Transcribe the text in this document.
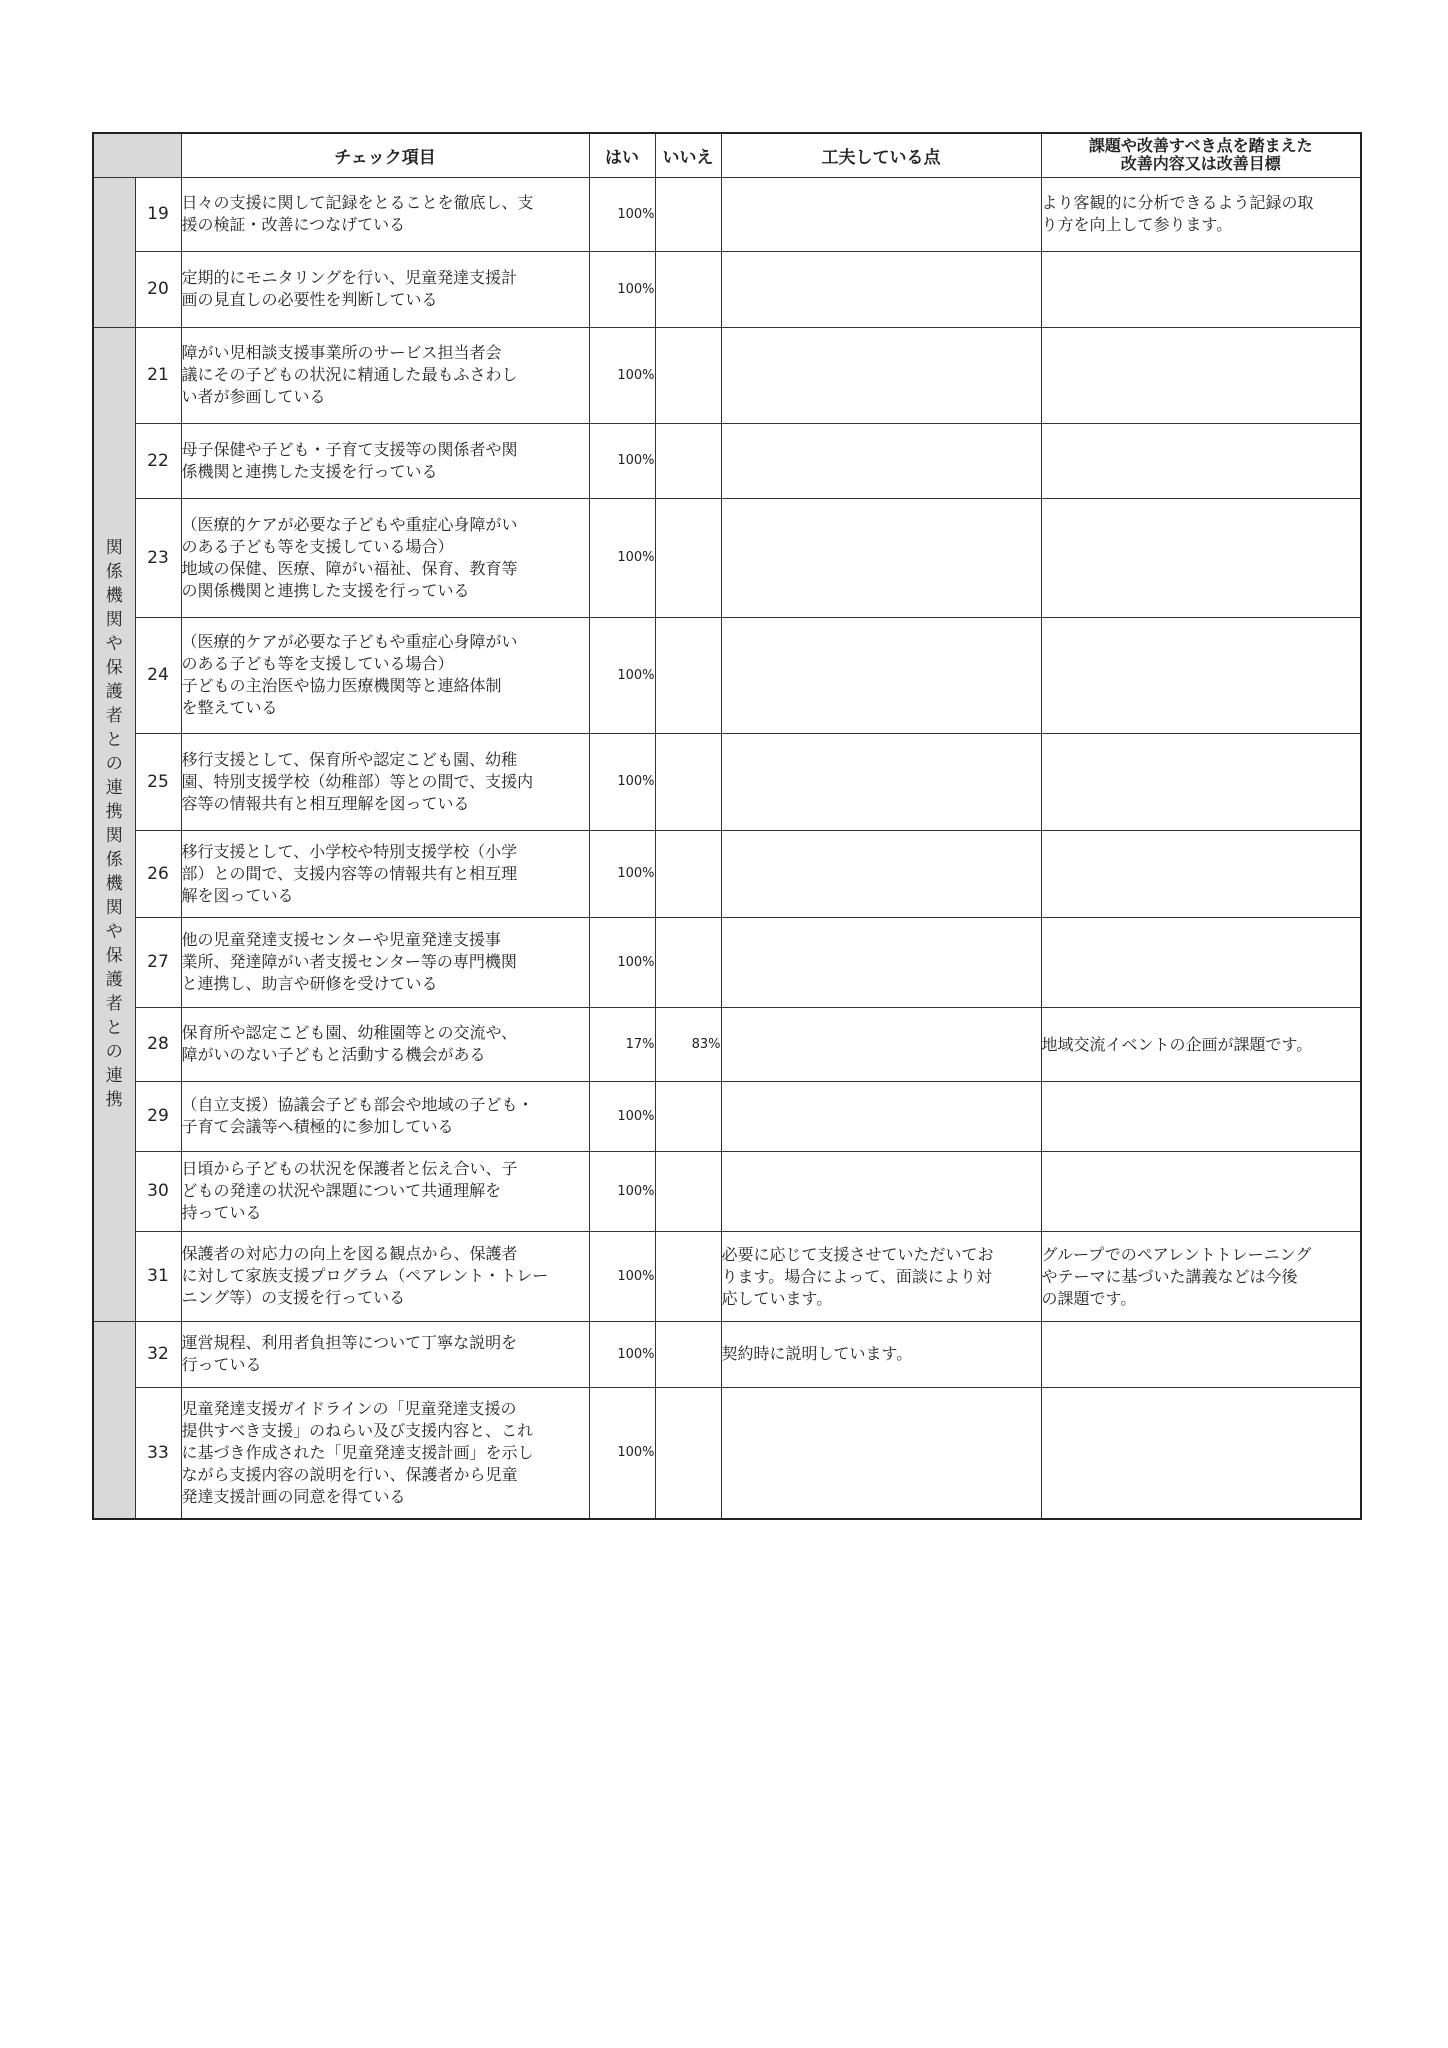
		チェック項目	はい	いいえ	工夫している点	課題や改善すべき点を踏まえた
改善内容又は改善目標
	19	日々の支援に関して記録をとることを徹底し、支
援の検証・改善につなげている	100%			より客観的に分析できるよう記録の取
り方を向上して参ります。
	20	定期的にモニタリングを行い、児童発達支援計
画の見直しの必要性を判断している	100%			

関係機関や保護者との連携関係機関や保護者との連携	21	障がい児相談支援事業所のサービス担当者会
議にその子どもの状況に精通した最もふさわし
い者が参画している	100%			
	22	母子保健や子ども・子育て支援等の関係者や関
係機関と連携した支援を行っている	100%			
	23	（医療的ケアが必要な子どもや重症心身障がい
のある子ども等を支援している場合）
地域の保健、医療、障がい福祉、保育、教育等
の関係機関と連携した支援を行っている	100%			
	24	（医療的ケアが必要な子どもや重症心身障がい
のある子ども等を支援している場合）
子どもの主治医や協力医療機関等と連絡体制
を整えている	100%			
	25	移行支援として、保育所や認定こども園、幼稚
園、特別支援学校（幼稚部）等との間で、支援内
容等の情報共有と相互理解を図っている	100%			
	26	移行支援として、小学校や特別支援学校（小学
部）との間で、支援内容等の情報共有と相互理
解を図っている	100%			
	27	他の児童発達支援センターや児童発達支援事
業所、発達障がい者支援センター等の専門機関
と連携し、助言や研修を受けている	100%			
	28	保育所や認定こども園、幼稚園等との交流や、
障がいのない子どもと活動する機会がある	17%	83%		地域交流イベントの企画が課題です。
	29	（自立支援）協議会子ども部会や地域の子ども・
子育て会議等へ積極的に参加している	100%			
	30	日頃から子どもの状況を保護者と伝え合い、子
どもの発達の状況や課題について共通理解を
持っている	100%			
	31	保護者の対応力の向上を図る観点から、保護者
に対して家族支援プログラム（ペアレント・トレー
ニング等）の支援を行っている	100%		必要に応じて支援させていただいてお
ります。場合によって、面談により対
応しています。	グループでのペアレントトレーニング
やテーマに基づいた講義などは今後
の課題です。
	32	運営規程、利用者負担等について丁寧な説明を
行っている	100%		契約時に説明しています。	
	33	児童発達支援ガイドラインの「児童発達支援の
提供すべき支援」のねらい及び支援内容と、これ
に基づき作成された「児童発達支援計画」を示し
ながら支援内容の説明を行い、保護者から児童
発達支援計画の同意を得ている	100%			
